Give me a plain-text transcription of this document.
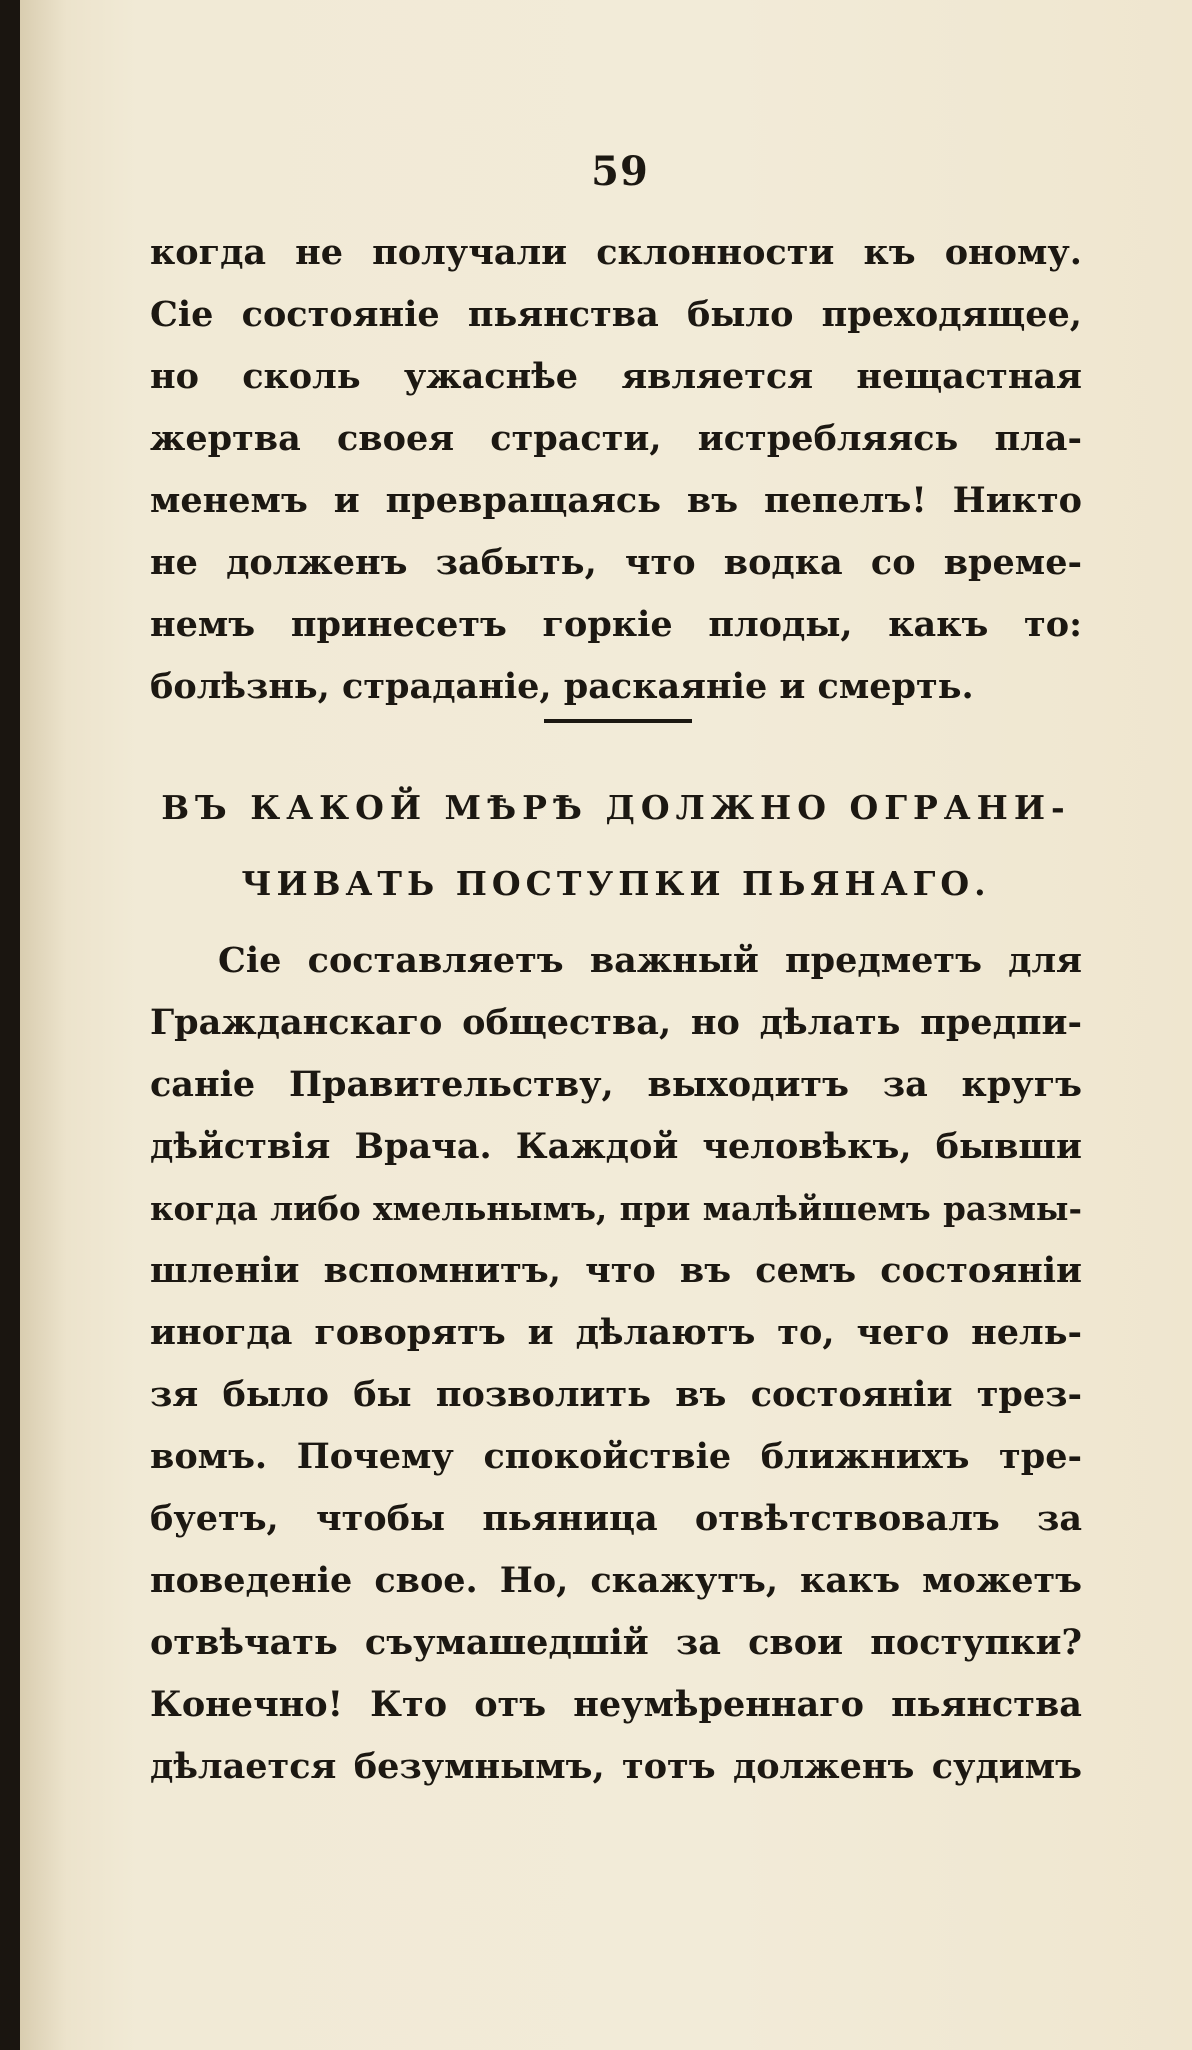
59
когда не получали склонности къ оному.
Сіе состояніе пьянства было преходящее,
но сколь ужаснѣе является нещастная
жертва своея страсти, истребляясь пла-
менемъ и превращаясь въ пепелъ! Никто
не долженъ забыть, что водка со време-
немъ принесетъ горкіе плоды, какъ то:
болѣзнь, страданіе, раскаяніе и смерть.
ВЪ КАКОЙ МѢРѢ ДОЛЖНО ОГРАНИ-
ЧИВАТЬ ПОСТУПКИ ПЬЯНАГО.
Сіе составляетъ важный предметъ для
Гражданскаго общества, но дѣлать предпи-
саніе Правительству, выходитъ за кругъ
дѣйствія Врача. Каждой человѣкъ, бывши
когда либо хмельнымъ, при малѣйшемъ размы-
шленіи вспомнитъ, что въ семъ состояніи
иногда говорятъ и дѣлаютъ то, чего нель-
зя было бы позволить въ состояніи трез-
вомъ. Почему спокойствіе ближнихъ тре-
буетъ, чтобы пьяница отвѣтствовалъ за
поведеніе свое. Но, скажутъ, какъ можетъ
отвѣчать съумашедшій за свои поступки?
Конечно! Кто отъ неумѣреннаго пьянства
дѣлается безумнымъ, тотъ долженъ судимъ
